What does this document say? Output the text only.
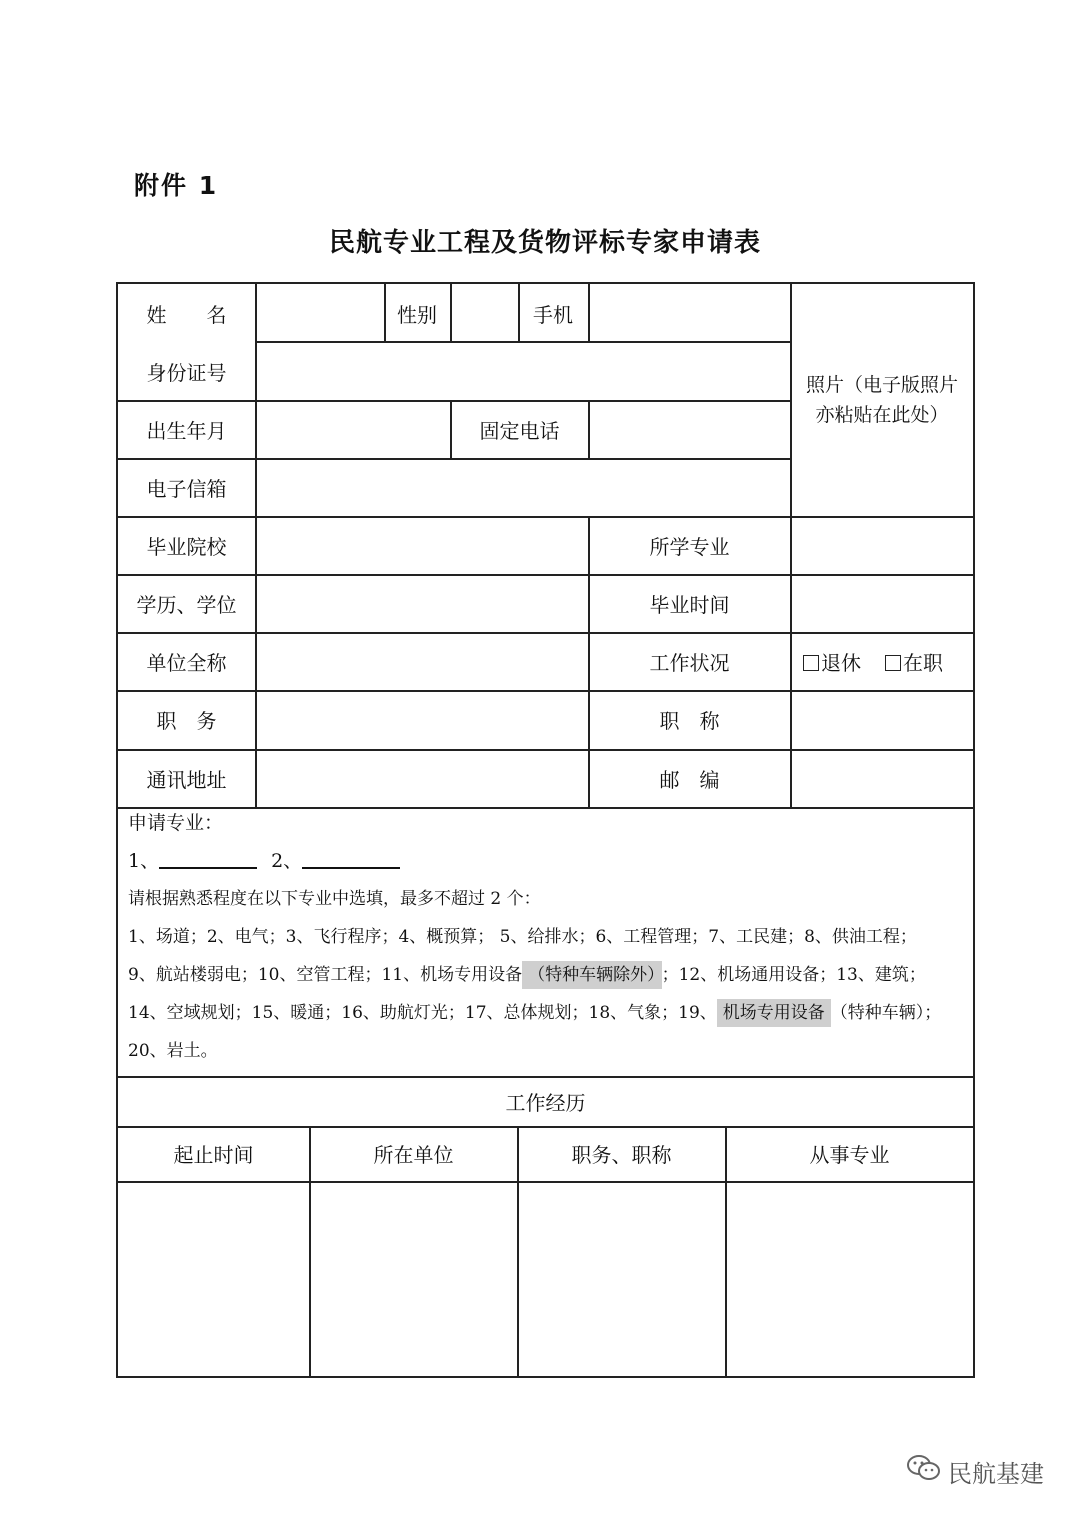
附件 1
民航专业工程及货物评标专家申请表
姓　　名	性别	手机
照片（电子版照片亦粘贴在此处）
身份证号
出生年月	固定电话
电子信箱
毕业院校	所学专业
学历、学位	毕业时间
单位全称	工作状况	退休	在职
职　务	职　称
通讯地址	邮　编
申请专业：
1、	2、
请根据熟悉程度在以下专业中选填，最多不超过 2 个：
1、场道；2、电气；3、飞行程序；4、概预算； 5、给排水；6、工程管理；7、工民建；8、供油工程；
9、航站楼弱电；10、空管工程；11、机场专用设备 （特种车辆除外） ；12、机场通用设备；13、建筑；
14、空域规划；15、暖通；16、助航灯光；17、总体规划；18、气象；19、 机场专用设备 （特种车辆）；
20、岩土。
工作经历
起止时间	所在单位	职务、职称	从事专业
民航基建
